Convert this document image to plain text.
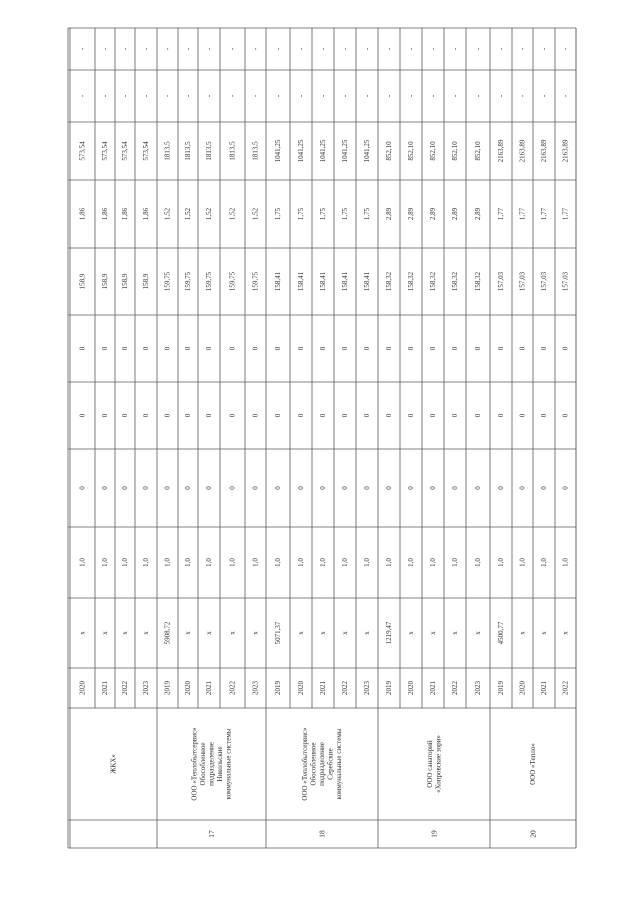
2020 2021 2022 2023 2019 2020 2021 2022 2023 2019 2020 2021 2022 2023 2019 2020 2021 2022 2023 2019 2020 2021 2022
x x x x 5908,72 x x x x 5071,37 x x x x 1219,47 x x x x 4500,77 x x x
1,0 1,0 1,0 1,0 1,0 1,0 1,0 1,0 1,0 1,0 1,0 1,0 1,0 1,0 1,0 1,0 1,0 1,0 1,0 1,0 1,0 1,0 1,0
0 0 0 0 0 0 0 0 0 0 0 0 0 0 0 0 0 0 0 0 0 0 0
0 0 0 0 0 0 0 0 0 0 0 0 0 0 0 0 0 0 0 0 0 0 0
0 0 0 0 0 0 0 0 0 0 0 0 0 0 0 0 0 0 0 0 0 0 0
158,9 158,9 158,9 158,9 159,75 159,75 159,75 159,75 159,75 158,41 158,41 158,41 158,41 158,41 158,32 158,32 158,32 158,32 158,32 157,03 157,03 157,03 157,03
1,86 1,86 1,86 1,86 1,52 1,52 1,52 1,52 1,52 1,75 1,75 1,75 1,75 1,75 2,89 2,89 2,89 2,89 2,89 1,77 1,77 1,77 1,77
573,54 573,54 573,54 573,54 1813,5 1813,5 1813,5 1813,5 1813,5 1041,25 1041,25 1041,25 1041,25 1041,25 852,10 852,10 852,10 852,10 852,10 2163,89 2163,89 2163,89 2163,89
- - - - - - - - - - - - - - - - - - - - - - -
- - - - - - - - - - - - - - - - - - - - - - -
ЖКХ»	ООО «Теплобытсервис» Обособленное подразделение Никольские коммунальные системы
17
ООО «Теплобытсервис» Обособленное подразделение Серебские коммунальные системы
18
ООО санаторий «Хопровские зори»
19
ООО «Тепло»
20
